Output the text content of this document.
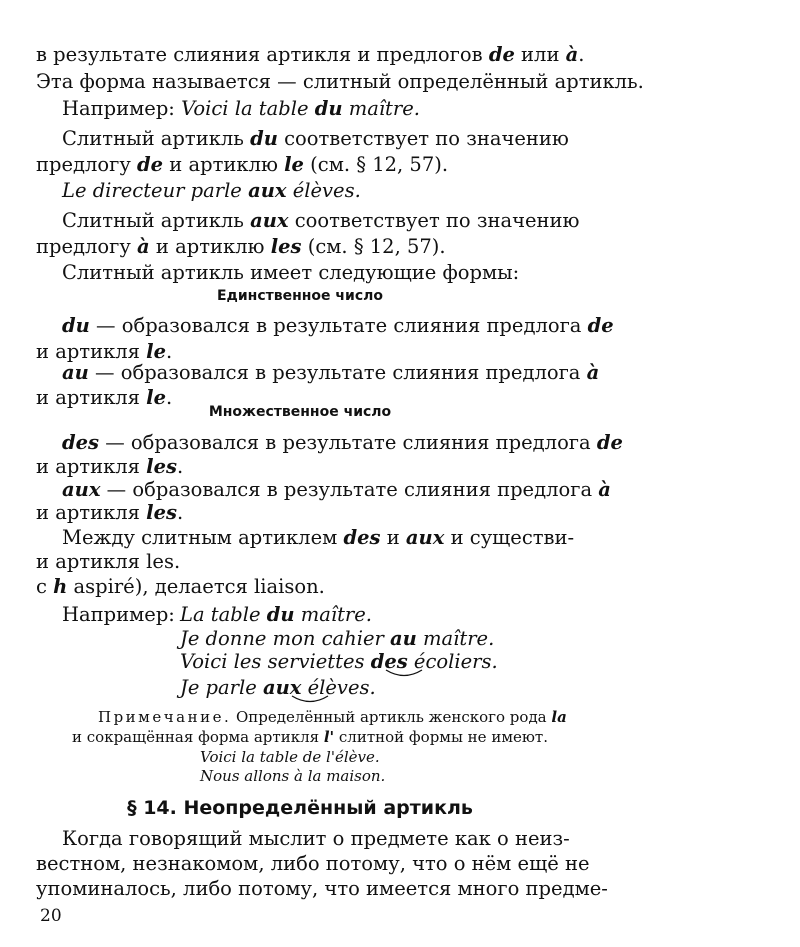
в результате слияния артикля и предлогов de или à.
Эта форма называется — слитный определённый артикль.
Например: Voici la table du maître.
Слитный артикль du соответствует по значению
предлогу de и артиклю le (см. § 12, 57).
Le directeur parle aux élèves.
Слитный артикль aux соответствует по значению
предлогу à и артиклю les (см. § 12, 57).
Слитный артикль имеет следующие формы:
Единственное число
du — образовался в результате слияния предлога de
и артикля le.
au — образовался в результате слияния предлога à
и артикля le.
Множественное число
des — образовался в результате слияния предлога de
и артикля les.
aux — образовался в результате слияния предлога à
и артикля les.
Между слитным артиклем des и aux и существи-
и артикля les.
с h aspiré), делается liaison.
Например: La table du maître.
Je donne mon cahier au maître.
Voici les serviettes des écoliers.
Je parle aux élèves.
Примечание. Определённый артикль женского рода la
и сокращённая форма артикля l' слитной формы не имеют.
Voici la table de l'élève.
Nous allons à la maison.
§ 14. Неопределённый артикль
Когда говорящий мыслит о предмете как о неиз-
вестном, незнакомом, либо потому, что о нём ещё не
упоминалось, либо потому, что имеется много предме-
20
